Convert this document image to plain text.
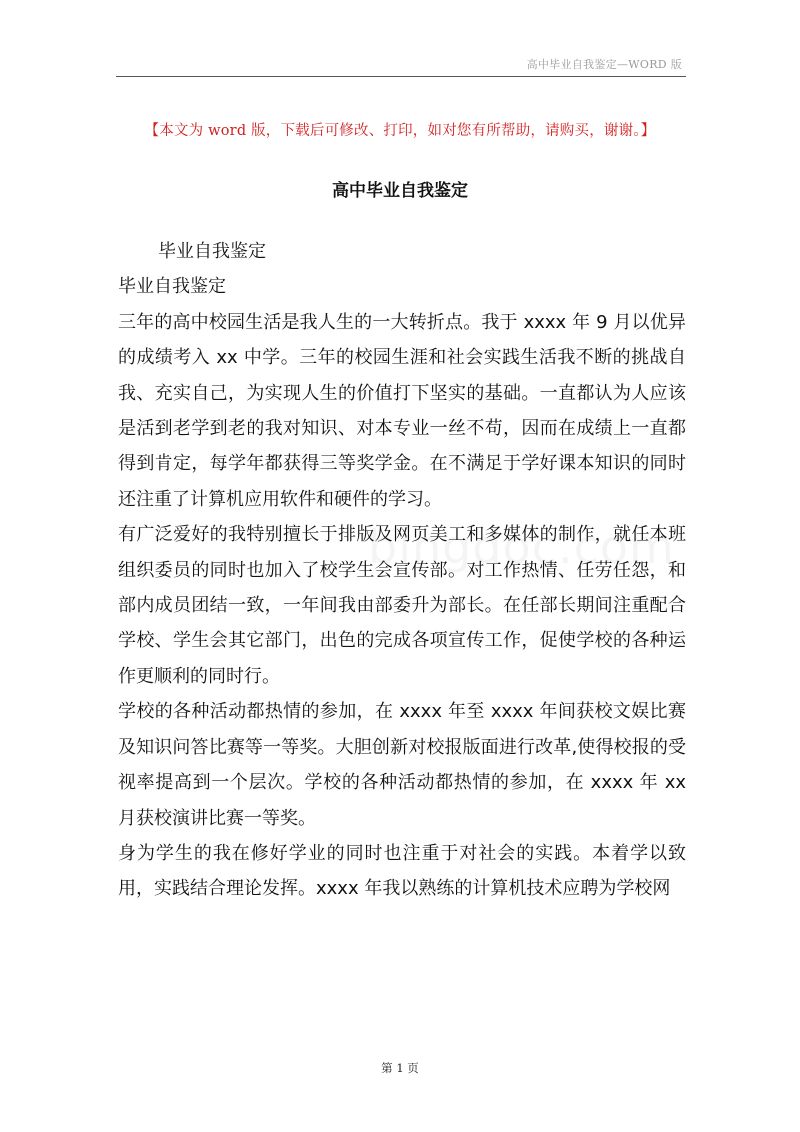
高中毕业自我鉴定—WORD 版
【本文为 word 版，下载后可修改、打印，如对您有所帮助，请购买，谢谢。】
高中毕业自我鉴定

毕业自我鉴定

毕业自我鉴定

三年的高中校园生活是我人生的一大转折点。我于 xxxx 年 9 月以优异的成绩考入 xx 中学。三年的校园生涯和社会实践生活我不断的挑战自我、充实自己，为实现人生的价值打下坚实的基础。一直都认为人应该是活到老学到老的我对知识、对本专业一丝不苟，因而在成绩上一直都得到肯定，每学年都获得三等奖学金。在不满足于学好课本知识的同时还注重了计算机应用软件和硬件的学习。

有广泛爱好的我特别擅长于排版及网页美工和多媒体的制作，就任本班组织委员的同时也加入了校学生会宣传部。对工作热情、任劳任怨，和部内成员团结一致，一年间我由部委升为部长。在任部长期间注重配合学校、学生会其它部门，出色的完成各项宣传工作，促使学校的各种运作更顺利的同时行。

学校的各种活动都热情的参加，在 xxxx 年至 xxxx 年间获校文娱比赛及知识问答比赛等一等奖。大胆创新对校报版面进行改革,使得校报的受视率提高到一个层次。学校的各种活动都热情的参加，在 xxxx 年 xx 月获校演讲比赛一等奖。

身为学生的我在修好学业的同时也注重于对社会的实践。本着学以致用，实践结合理论发挥。xxxx 年我以熟练的计算机技术应聘为学校网

第 1 页
